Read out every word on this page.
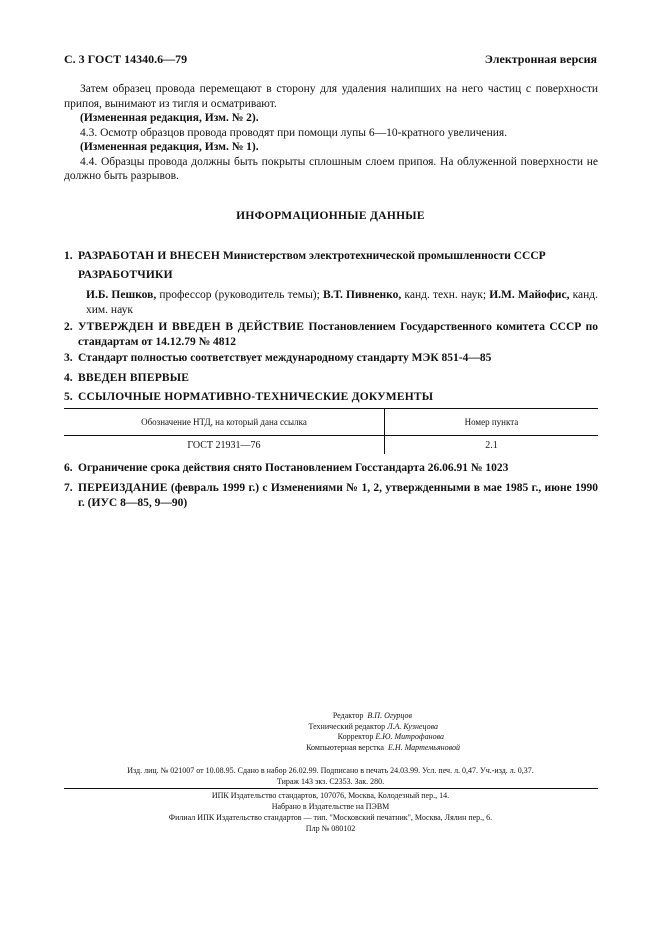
С. 3 ГОСТ 14340.6—79	Электронная версия

Затем образец провода перемещают в сторону для удаления налипших на него частиц с поверхности припоя, вынимают из тигля и осматривают.

(Измененная редакция, Изм. № 2).

4.3. Осмотр образцов провода проводят при помощи лупы 6—10-кратного увеличения.

(Измененная редакция, Изм. № 1).

4.4. Образцы провода должны быть покрыты сплошным слоем припоя. На облуженной поверхности не должно быть разрывов.

ИНФОРМАЦИОННЫЕ ДАННЫЕ
1. РАЗРАБОТАН И ВНЕСЕН Министерством электротехнической промышленности СССР
РАЗРАБОТЧИКИ
И.Б. Пешков, профессор (руководитель темы); В.Т. Пивненко, канд. техн. наук; И.М. Майофис, канд. хим. наук
2. УТВЕРЖДЕН И ВВЕДЕН В ДЕЙСТВИЕ Постановлением Государственного комитета СССР по стандартам от 14.12.79 № 4812
3. Стандарт полностью соответствует международному стандарту МЭК 851-4—85
4. ВВЕДЕН ВПЕРВЫЕ
5. ССЫЛОЧНЫЕ НОРМАТИВНО-ТЕХНИЧЕСКИЕ ДОКУМЕНТЫ
Обозначение НТД, на который дана ссылка	Номер пункта
ГОСТ 21931—76	2.1
6. Ограничение срока действия снято Постановлением Госстандарта 26.06.91 № 1023
7. ПЕРЕИЗДАНИЕ (февраль 1999 г.) с Изменениями № 1, 2, утвержденными в мае 1985 г., июне 1990 г. (ИУС 8—85, 9—90)
Редактор В.П. Огурцов
Технический редактор Л.А. Кузнецова
Корректор Е.Ю. Митрофанова
Компьютерная верстка Е.Н. Мартемьяновой
Изд. лиц. № 021007 от 10.08.95. Сдано в набор 26.02.99. Подписано в печать 24.03.99. Усл. печ. л. 0,47. Уч.-изд. л. 0,37.
Тираж 143 экз. С2353. Зак. 280.
ИПК Издательство стандартов, 107076, Москва, Колодезный пер., 14.
Набрано в Издательстве на ПЭВМ
Филиал ИПК Издательство стандартов — тип. "Московский печатник", Москва, Лялин пер., 6.
Плр № 080102
